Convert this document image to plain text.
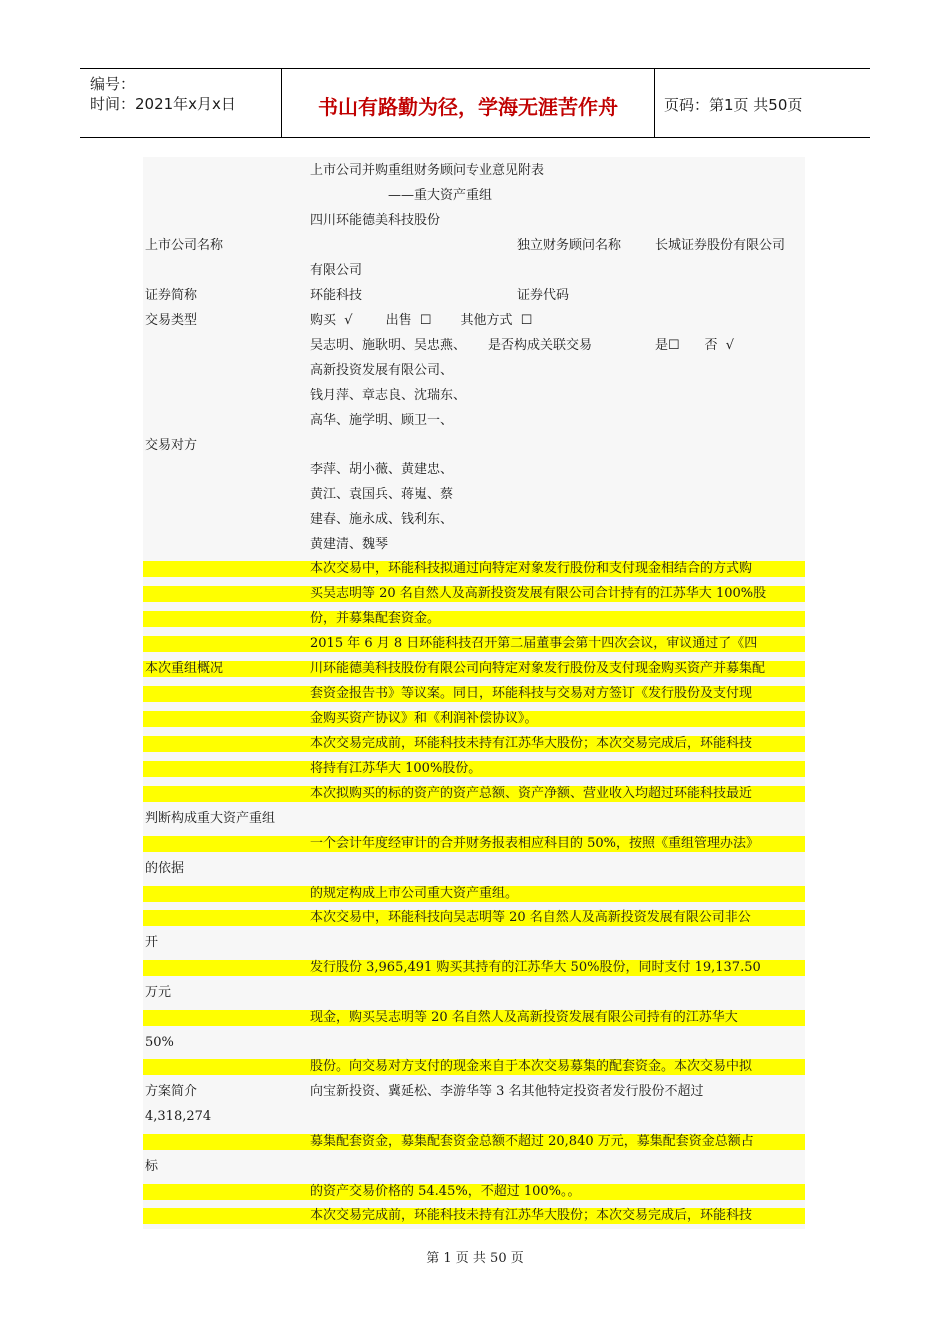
编号：
时间：2021年x月x日	书山有路勤为径，学海无涯苦作舟	页码：第1页 共50页
上市公司并购重组财务顾问专业意见附表
——重大资产重组
四川环能德美科技股份
上市公司名称	独立财务顾问名称	长城证券股份有限公司
有限公司
证券简称	环能科技	证券代码
交易类型	购买  √        出售  ☐       其他方式  ☐
吴志明、施耿明、吴忠燕、 是否构成关联交易	是☐      否  √
高新投资发展有限公司、
钱月萍、章志良、沈瑞东、
高华、施学明、顾卫一、
交易对方
李萍、胡小薇、黄建忠、
黄江、袁国兵、蒋嵬、蔡
建春、施永成、钱利东、
黄建清、魏琴
本次交易中，环能科技拟通过向特定对象发行股份和支付现金相结合的方式购
买吴志明等 20 名自然人及高新投资发展有限公司合计持有的江苏华大 100%股
份，并募集配套资金。
2015 年 6 月 8 日环能科技召开第二届董事会第十四次会议，审议通过了《四
本次重组概况	川环能德美科技股份有限公司向特定对象发行股份及支付现金购买资产并募集配
套资金报告书》等议案。同日，环能科技与交易对方签订《发行股份及支付现
金购买资产协议》和《利润补偿协议》。
本次交易完成前，环能科技未持有江苏华大股份；本次交易完成后，环能科技
将持有江苏华大 100%股份。
本次拟购买的标的资产的资产总额、资产净额、营业收入均超过环能科技最近
判断构成重大资产重组
一个会计年度经审计的合并财务报表相应科目的 50%，按照《重组管理办法》
的依据
的规定构成上市公司重大资产重组。
本次交易中，环能科技向吴志明等 20 名自然人及高新投资发展有限公司非公
开
发行股份 3,965,491 购买其持有的江苏华大 50%股份，同时支付 19,137.50
万元
现金，购买吴志明等 20 名自然人及高新投资发展有限公司持有的江苏华大
50%
股份。向交易对方支付的现金来自于本次交易募集的配套资金。本次交易中拟
方案简介	向宝新投资、冀延松、李游华等 3 名其他特定投资者发行股份不超过
4,318,274
募集配套资金，募集配套资金总额不超过 20,840 万元，募集配套资金总额占
标
的资产交易价格的 54.45%，不超过 100%。。
本次交易完成前，环能科技未持有江苏华大股份；本次交易完成后，环能科技
第 1 页 共 50 页
